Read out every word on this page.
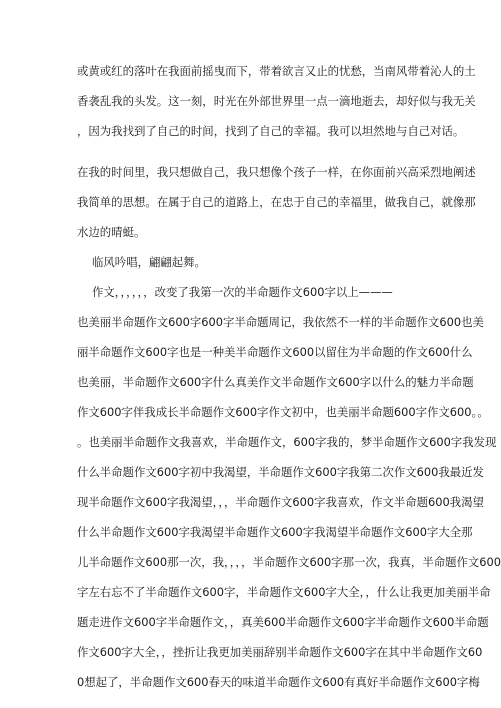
或黄或红的落叶在我面前摇曳而下，带着欲言又止的忧愁，当南风带着沁人的土
香袭乱我的头发。这一刻，时光在外部世界里一点一滴地逝去，却好似与我无关
，因为我找到了自己的时间，找到了自己的幸福。我可以坦然地与自己对话。
在我的时间里，我只想做自己，我只想像个孩子一样，在你面前兴高采烈地阐述
我简单的思想。在属于自己的道路上，在忠于自己的幸福里，做我自己，就像那
水边的晴蜓。
临风吟唱，翩翩起舞。
作文，，，，，，改变了我第一次的半命题作文600字以上———
也美丽半命题作文600字600字半命题周记，我依然不一样的半命题作文600也美
丽半命题作文600字也是一种美半命题作文600以留住为半命题的作文600什么
也美丽，半命题作文600字什么真美作文半命题作文600字以什么的魅力半命题
作文600字伴我成长半命题作文600字作文初中，也美丽半命题600字作文600。。
。也美丽半命题作文我喜欢，半命题作文，600字我的，梦半命题作文600字我发现
什么半命题作文600字初中我渴望，半命题作文600字我第二次作文600我最近发
现半命题作文600字我渴望，，，半命题作文600字我喜欢，作文半命题600我渴望
什么半命题作文600字我渴望半命题作文600字我渴望半命题作文600字大全那
儿半命题作文600那一次，我，，，，半命题作文600字那一次，我真，半命题作文600
字左右忘不了半命题作文600字，半命题作文600字大全，，什么让我更加美丽半命
题走进作文600字半命题作文，，真美600半命题作文600字半命题作文600半命题
作文600字大全，，挫折让我更加美丽辞别半命题作文600字在其中半命题作文60
0想起了，半命题作文600春天的味道半命题作文600有真好半命题作文600字梅
